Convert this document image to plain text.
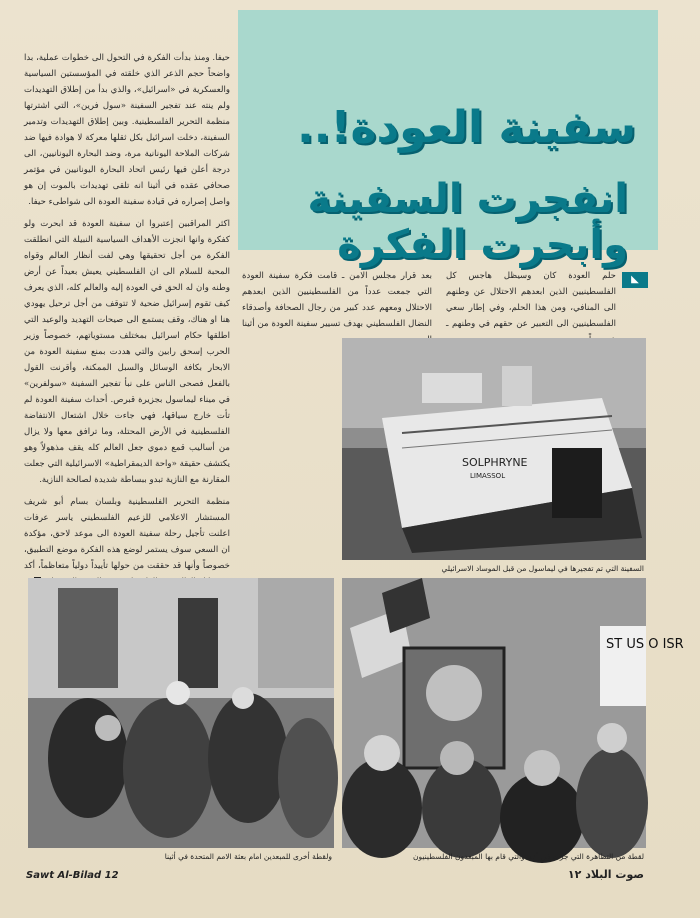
سفينة العودة!..
انفجرت السفينة وأبحرت الفكرة
◣

حيفا. ومنذ بدأت الفكرة في التحول الى خطوات عملية، بدا واضحاً حجم الذعر الذي خلقته في المؤسستين السياسية والعسكرية في «اسرائيل»، والذي بدأ من إطلاق التهديدات ولم ينته عند تفجير السفينة «سول فرين»، التي اشترتها منظمة التحرير الفلسطينية. وبين إطلاق التهديدات وتدمير السفينة، دخلت اسرائيل بكل ثقلها معركة لا هوادة فيها ضد شركات الملاحة اليونانية مرة، وضد البحارة اليونانيين، الى درجة أعلن فيها رئيس اتحاد البحارة اليونانيين في مؤتمر صحافي عقده في أثينا انه تلقى تهديدات بالموت إن هو واصل إصراره في قيادة سفينة العودة الى شواطىء حيفا.

اكثر المراقبين إعتبروا ان سفينة العودة قد ابحرت ولو كفكرة وانها انجزت الأهداف السياسية النبيلة التي انطلقت الفكرة من أجل تحقيقها وهي لفت أنظار العالم وقواه المحبة للسلام الى ان الفلسطيني يعيش بعيداً عن أرض وطنه وان له الحق في العودة إليه والعالم كله، الذي يعرف كيف تقوم إسرائيل ضحية لا تتوقف من أجل ترحيل يهودي هنا او هناك، وقف يستمع الى صيحات التهديد والوعيد التي اطلقها حكام اسرائيل بمختلف مستوياتهم، خصوصاً وزير الحرب إسحق رابين والتي هددت بمنع سفينة العودة من الابحار بكافة الوسائل والسبل الممكنة، وأقرنت القول بالفعل فصحى الناس على نبأ تفجير السفينة «سولفرين» في ميناء ليماسول بجزيرة قبرص. أحداث سفينة العودة لم تأت خارج سياقها، فهي جاءت خلال اشتعال الانتفاضة الفلسطينية في الأرض المحتلة، وما ترافق معها ولا يزال من أساليب قمع دموي جعل العالم كله يقف مذهولاً وهو يكتشف حقيقة «واحة الديمقراطية» الاسرائيلية التي جعلت المقارنة مع النازية تبدو ببساطة شديدة لصالحة النازية.

منظمة التحرير الفلسطينية وبلسان بسام أبو شريف المستشار الاعلامي للزعيم الفلسطيني ياسر عرفات اعلنت تأجيل رحلة سفينة العودة الى موعد لاحق، مؤكدة ان السعي سوف يستمر لوضع هذه الفكرة موضع التطبيق، خصوصاً وأنها قد حققت من حولها تأييداً دولياً متعاظماً، أكد

بعد قرار مجلس الامن ـ قامت فكرة سفينة العودة التي جمعت عدداً من الفلسطينيين الذين ابعدهم الاحتلال ومعهم عدد كبير من رجال الصحافة وأصدقاء النضال الفلسطيني بهدف تسيير سفينة العودة من أثينا
حلم العودة كان وسيظل هاجس كل الفلسطينيين الذين ابعدهم الاحتلال عن وطنهم الى المنافي، ومن هذا الحلم، وفي إطار سعي الفلسطينيين الى التعبير عن حقهم في وطنهم ـ
SOLPHRYNE
LIMASSOL
السفينة التي تم تفجيرها في ليماسول من قبل الموساد الاسرائيلي
ولقطة أخرى للمبعدين امام بعثة الامم المتحدة في أثينا
ST US O ISR
لقطة من التظاهرة التي جرت في أثينا والتي قام بها المبعدون الفلسطينيون
Sawt Al-Bilad 12	صوت البلاد ١٢
